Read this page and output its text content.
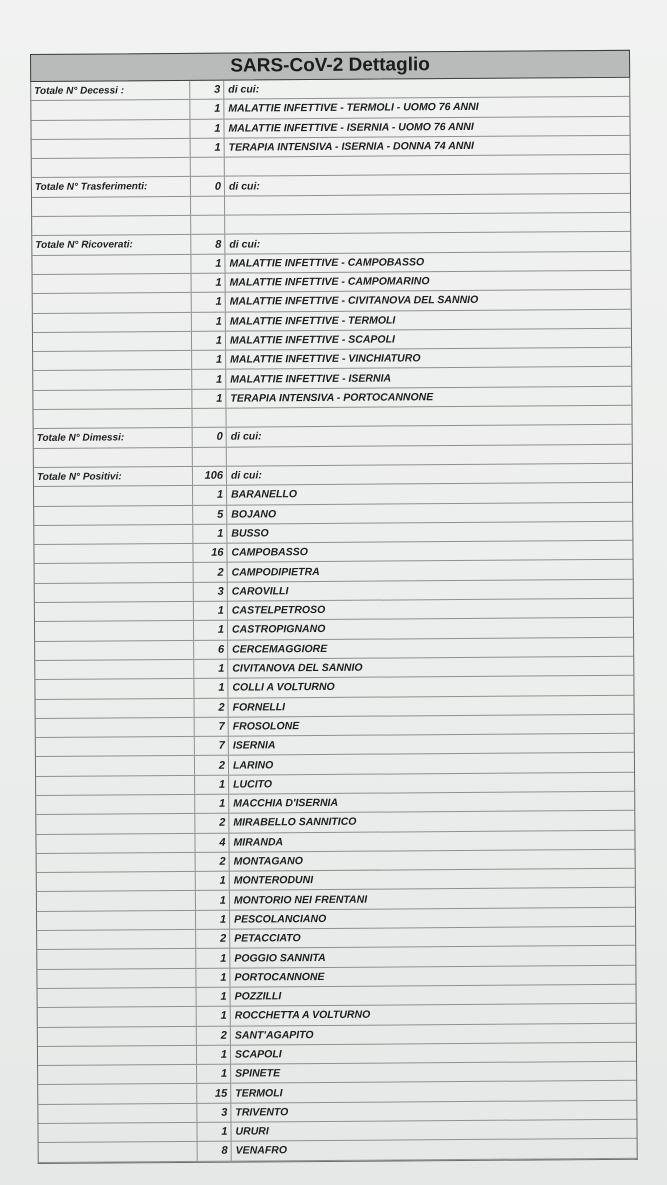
SARS-CoV-2 Dettaglio
Totale N° Decessi :	3 di cui:
1 MALATTIE INFETTIVE - TERMOLI - UOMO 76 ANNI
1 MALATTIE INFETTIVE - ISERNIA - UOMO 76 ANNI
1 TERAPIA INTENSIVA - ISERNIA - DONNA 74 ANNI
Totale N° Trasferimenti:	0 di cui:
Totale N° Ricoverati:	8 di cui:
1 MALATTIE INFETTIVE - CAMPOBASSO
1 MALATTIE INFETTIVE - CAMPOMARINO
1 MALATTIE INFETTIVE - CIVITANOVA DEL SANNIO
1 MALATTIE INFETTIVE - TERMOLI
1 MALATTIE INFETTIVE - SCAPOLI
1 MALATTIE INFETTIVE - VINCHIATURO
1 MALATTIE INFETTIVE - ISERNIA
1 TERAPIA INTENSIVA - PORTOCANNONE
Totale N° Dimessi:	0 di cui:
Totale N° Positivi:	106 di cui:
1 BARANELLO
5 BOJANO
1 BUSSO
16 CAMPOBASSO
2 CAMPODIPIETRA
3 CAROVILLI
1 CASTELPETROSO
1 CASTROPIGNANO
6 CERCEMAGGIORE
1 CIVITANOVA DEL SANNIO
1 COLLI A VOLTURNO
2 FORNELLI
7 FROSOLONE
7 ISERNIA
2 LARINO
1 LUCITO
1 MACCHIA D'ISERNIA
2 MIRABELLO SANNITICO
4 MIRANDA
2 MONTAGANO
1 MONTERODUNI
1 MONTORIO NEI FRENTANI
1 PESCOLANCIANO
2 PETACCIATO
1 POGGIO SANNITA
1 PORTOCANNONE
1 POZZILLI
1 ROCCHETTA A VOLTURNO
2 SANT'AGAPITO
1 SCAPOLI
1 SPINETE
15 TERMOLI
3 TRIVENTO
1 URURI
8 VENAFRO
